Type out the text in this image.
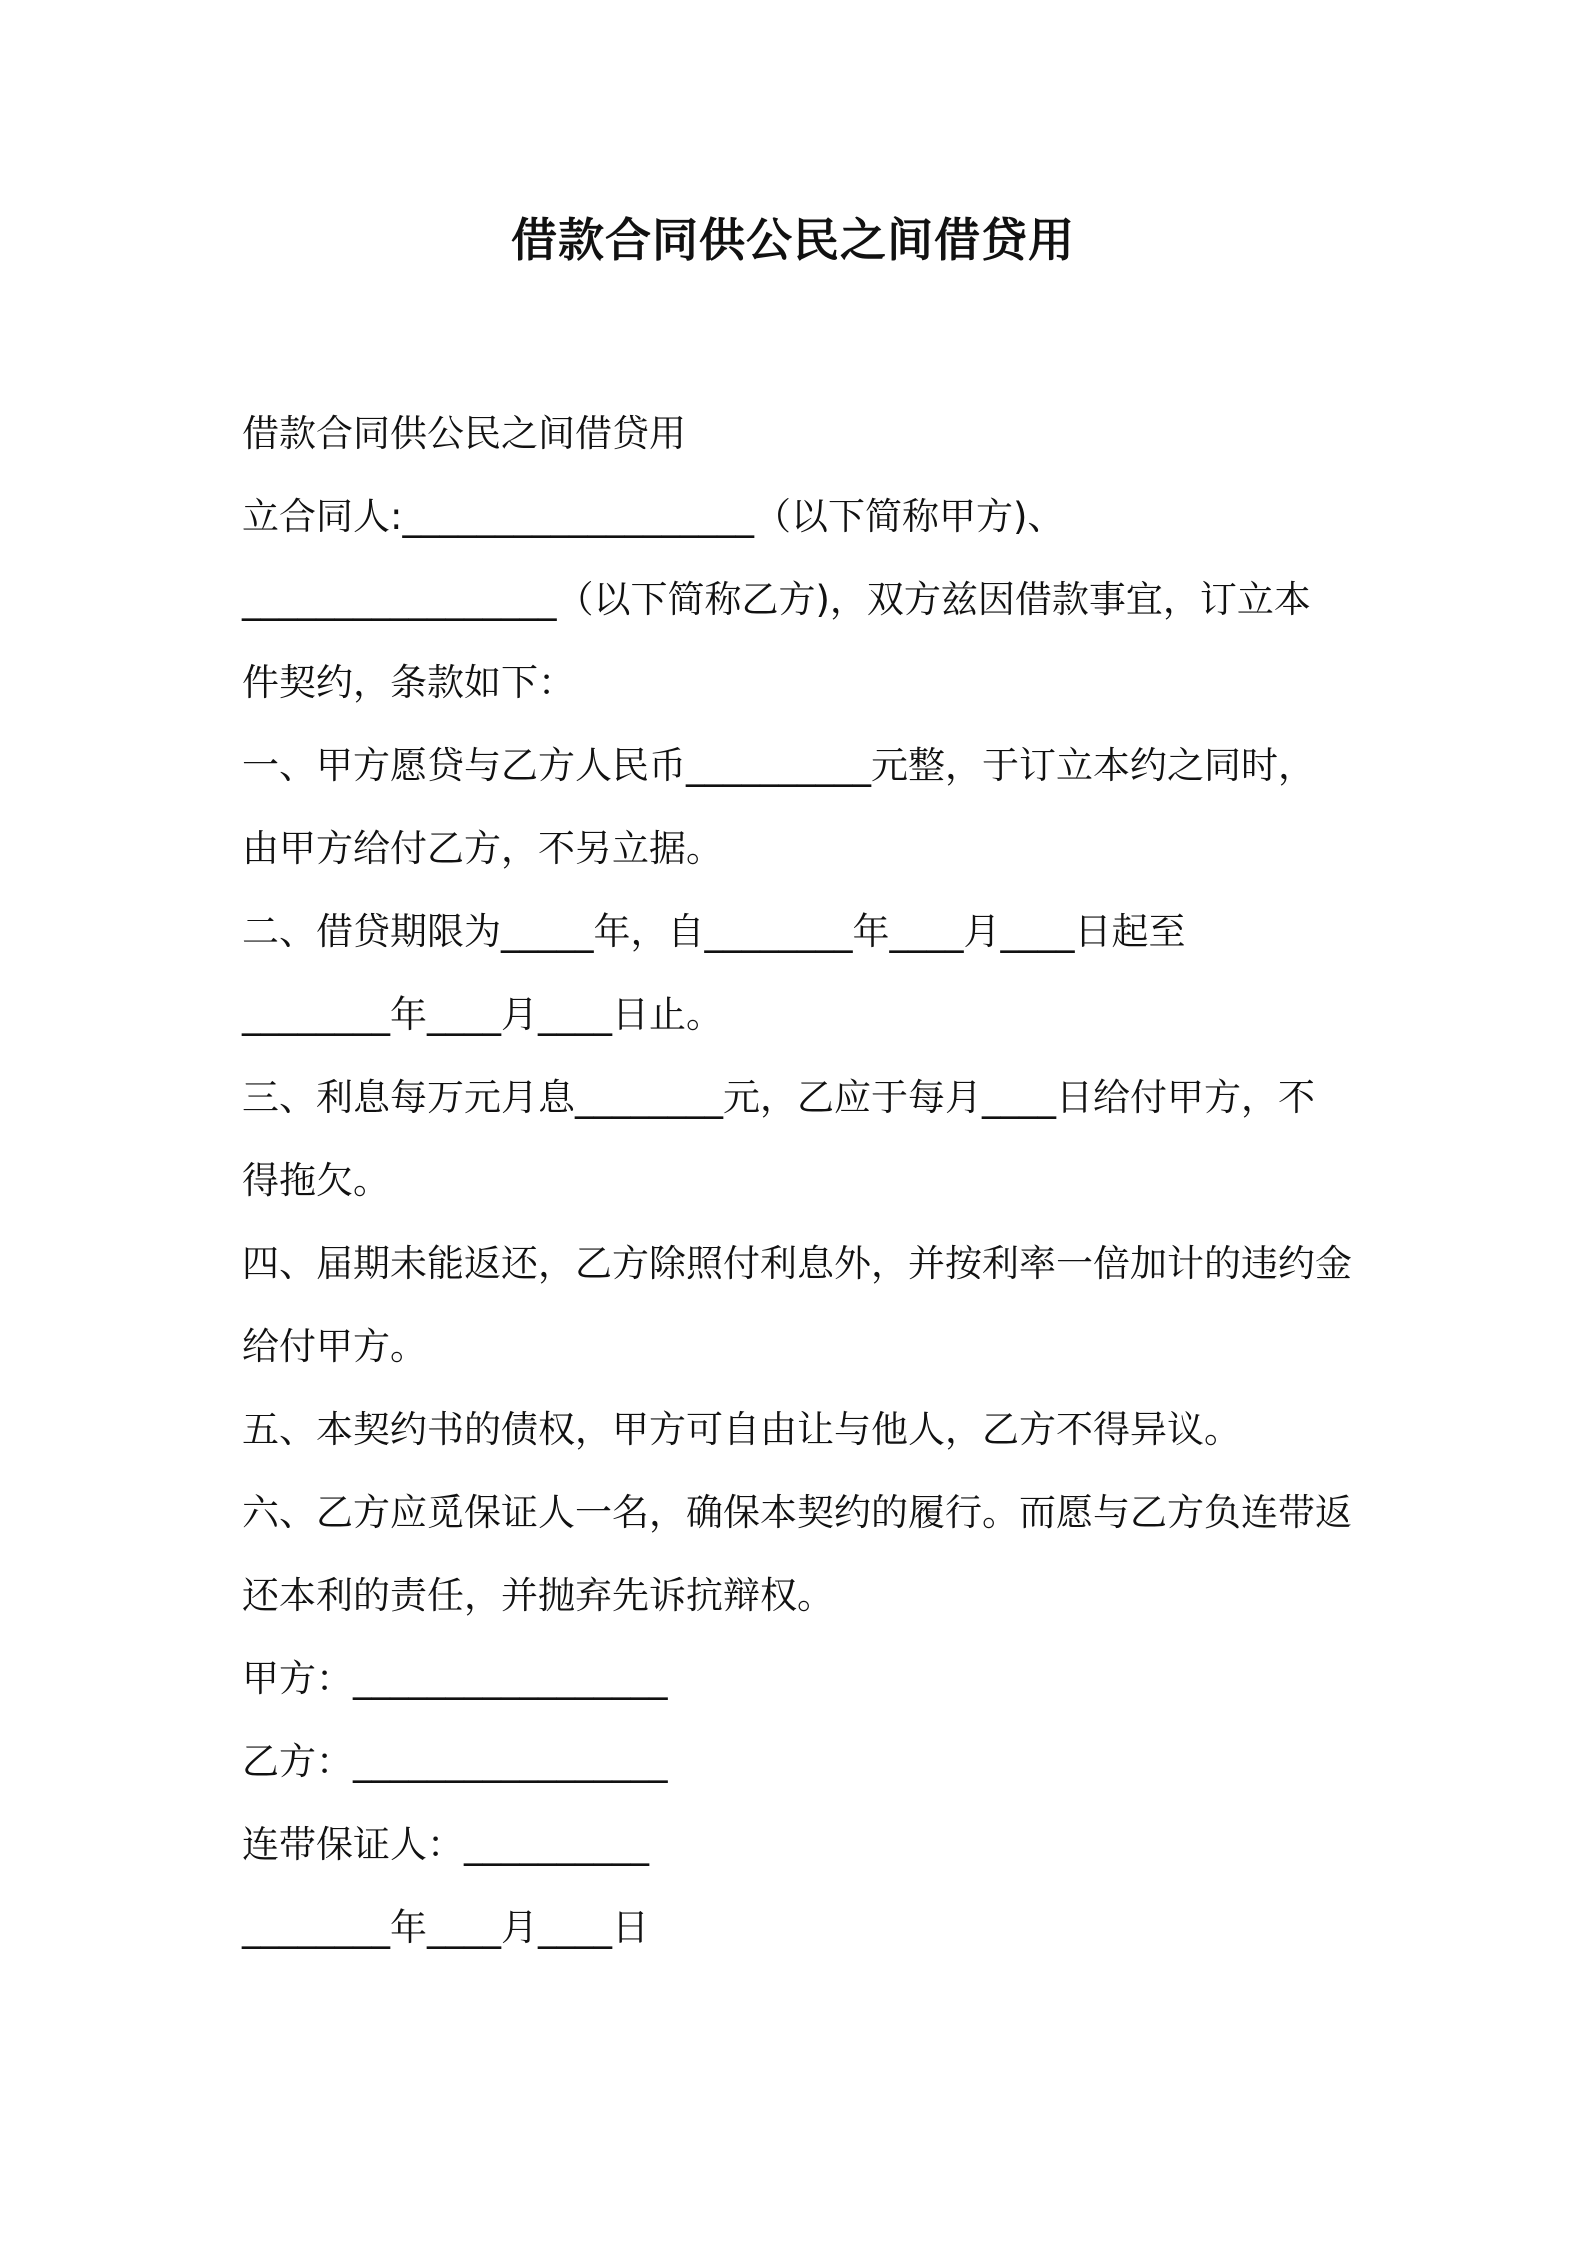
借款合同供公民之间借贷用
借款合同供公民之间借贷用
立合同人:___________________（以下简称甲方)、
_________________（以下简称乙方)，双方兹因借款事宜，订立本
件契约，条款如下：
一、甲方愿贷与乙方人民币__________元整，于订立本约之同时，
由甲方给付乙方，不另立据。
二、借贷期限为_____年，自________年____月____日起至
________年____月____日止。
三、利息每万元月息________元，乙应于每月____日给付甲方，不
得拖欠。
四、届期未能返还，乙方除照付利息外，并按利率一倍加计的违约金
给付甲方。
五、本契约书的债权，甲方可自由让与他人，乙方不得异议。
六、乙方应觅保证人一名，确保本契约的履行。而愿与乙方负连带返
还本利的责任，并抛弃先诉抗辩权。
甲方：_________________
乙方：_________________
连带保证人：__________
________年____月____日
